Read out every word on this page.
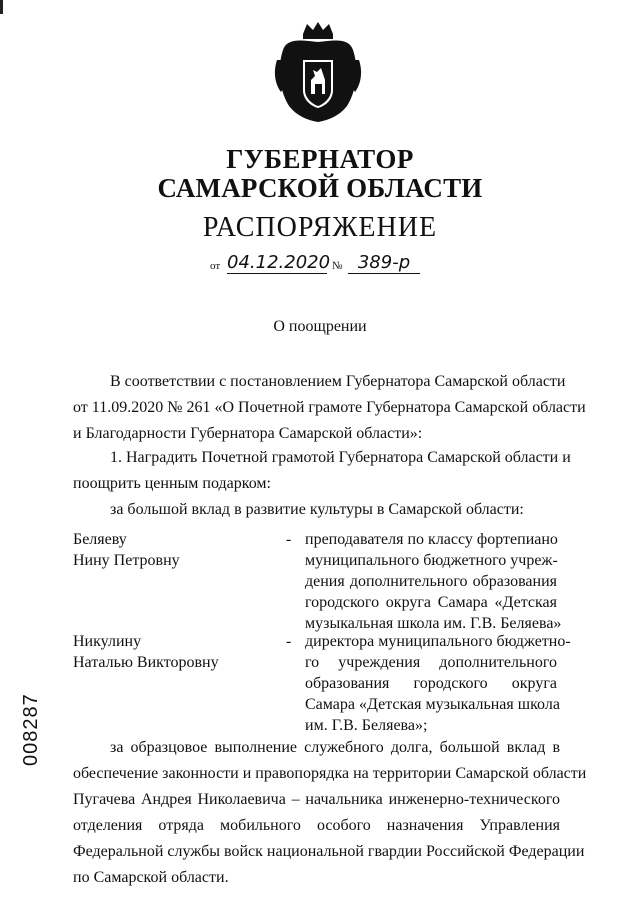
ГУБЕРНАТОР
САМАРСКОЙ ОБЛАСТИ
РАСПОРЯЖЕНИЕ
от 04.12.2020 № 389-р
О поощрении
В соответствии с постановлением Губернатора Самарской области
от 11.09.2020 № 261 «О Почетной грамоте Губернатора Самарской области
и Благодарности Губернатора Самарской области»:
1. Наградить Почетной грамотой Губернатора Самарской области и
поощрить ценным подарком:
за большой вклад в развитие культуры в Самарской области:
Беляеву
Нину Петровну
- преподавателя по классу фортепиано
муниципального бюджетного учреж-
дения дополнительного образования
городского округа Самара «Детская
музыкальная школа им. Г.В. Беляева»
Никулину
Наталью Викторовну
- директора муниципального бюджетно-
го учреждения дополнительного
образования городского округа
Самара «Детская музыкальная школа
им. Г.В. Беляева»;
за образцовое выполнение служебного долга, большой вклад в
обеспечение законности и правопорядка на территории Самарской области
Пугачева Андрея Николаевича – начальника инженерно-технического
отделения отряда мобильного особого назначения Управления
Федеральной службы войск национальной гвардии Российской Федерации
по Самарской области.
008287
